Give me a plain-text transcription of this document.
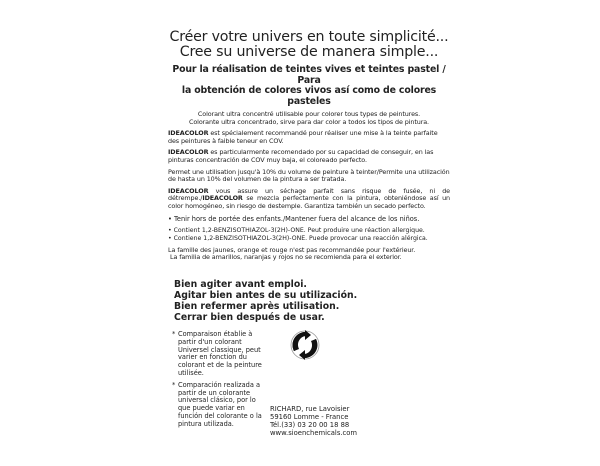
Créer votre univers en toute simplicité...
Cree su universe de manera simple...
Pour la réalisation de teintes vives et teintes pastel / Para
la obtención de colores vivos así como de colores pasteles
Colorant ultra concentré utilisable pour colorer tous types de peintures.
Colorante ultra concentrado, sirve para dar color a todos los tipos de pintura.
IDEACOLOR est spécialement recommandé pour réaliser une mise à la teinte parfaite des peintures à faible teneur en COV.
IDEACOLOR es particularmente recomendado por su capacidad de conseguir, en las pinturas concentración de COV muy baja, el coloreado perfecto.
Permet une utilisation jusqu'à 10% du volume de peinture à teinter/Permite una utilización de hasta un 10% del volumen de la pintura a ser tratada.
IDEACOLOR vous assure un séchage parfait sans risque de fusée, ni de détrempe./IDEACOLOR se mezcla perfectamente con la pintura, obteniéndose así un color homogéneo, sin riesgo de destemple. Garantiza también un secado perfecto.
• Tenir hors de portée des enfants./Mantener fuera del alcance de los niños.
• Contient 1,2-BENZISOTHIAZOL-3(2H)-ONE. Peut produire une réaction allergique.
• Contiene 1,2-BENZISOTHIAZOL-3(2H)-ONE. Puede provocar una reacción alérgica.
La famille des jaunes, orange et rouge n'est pas recommandée pour l'extérieur.
La familia de amarillos, naranjas y rojos no se recomienda para el exterior.
Bien agiter avant emploi.
Agitar bien antes de su utilización.
Bien refermer après utilisation.
Cerrar bien después de usar.
* Comparaison établie à partir d'un colorant Universel classique, peut varier en fonction du colorant et de la peinture utilisée.
* Comparación realizada a partir de un colorante universal clásico, por lo que puede variar en función del colorante o la pintura utilizada.
RICHARD, rue Lavoisier
59160 Lomme - France
Tél.(33) 03 20 00 18 88
www.sioenchemicals.com
